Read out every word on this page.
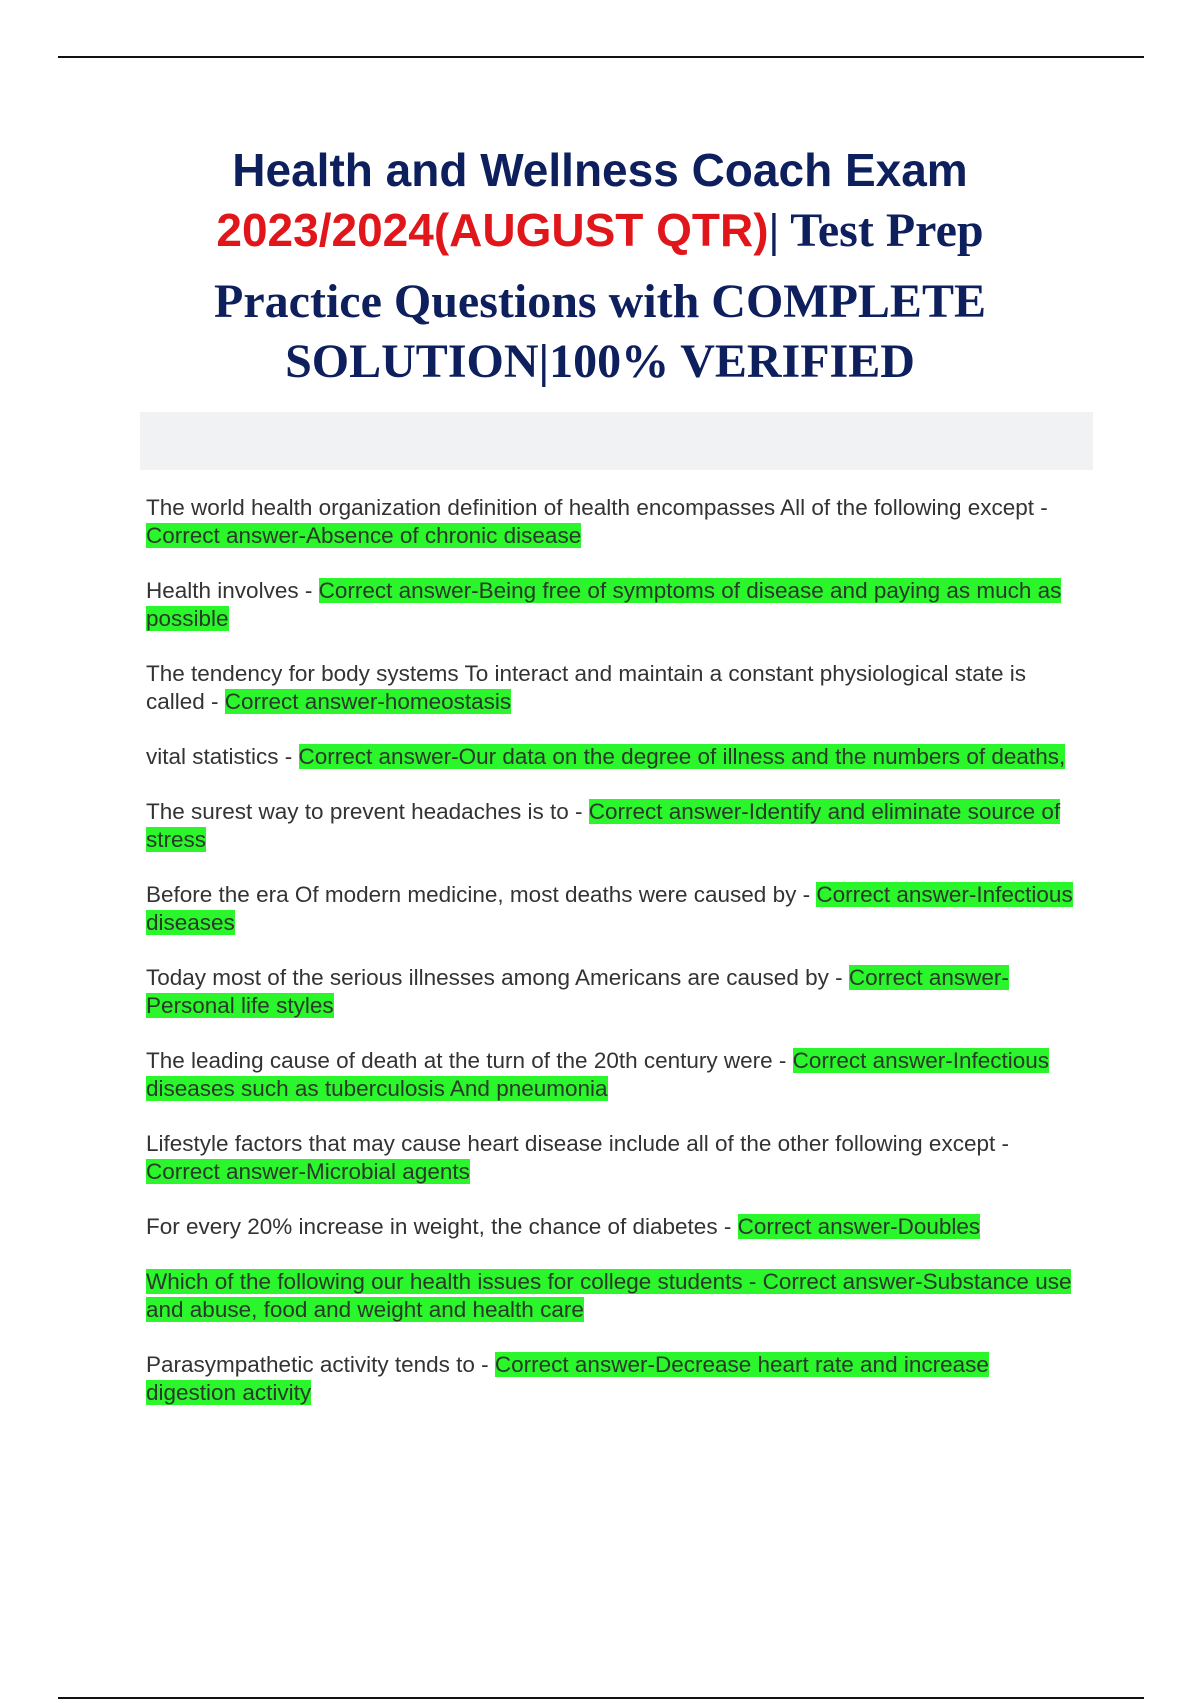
Health and Wellness Coach Exam
2023/2024(AUGUST QTR)| Test Prep
Practice Questions with COMPLETE
SOLUTION|100% VERIFIED

The world health organization definition of health encompasses All of the following except - Correct answer-Absence of chronic disease

Health involves - Correct answer-Being free of symptoms of disease and paying as much as possible

The tendency for body systems To interact and maintain a constant physiological state is called - Correct answer-homeostasis

vital statistics - Correct answer-Our data on the degree of illness and the numbers of deaths,

The surest way to prevent headaches is to - Correct answer-Identify and eliminate source of stress

Before the era Of modern medicine, most deaths were caused by - Correct answer-Infectious diseases

Today most of the serious illnesses among Americans are caused by - Correct answer-Personal life styles

The leading cause of death at the turn of the 20th century were - Correct answer-Infectious diseases such as tuberculosis And pneumonia

Lifestyle factors that may cause heart disease include all of the other following except - Correct answer-Microbial agents

For every 20% increase in weight, the chance of diabetes - Correct answer-Doubles

Which of the following our health issues for college students - Correct answer-Substance use and abuse, food and weight and health care

Parasympathetic activity tends to - Correct answer-Decrease heart rate and increase digestion activity
